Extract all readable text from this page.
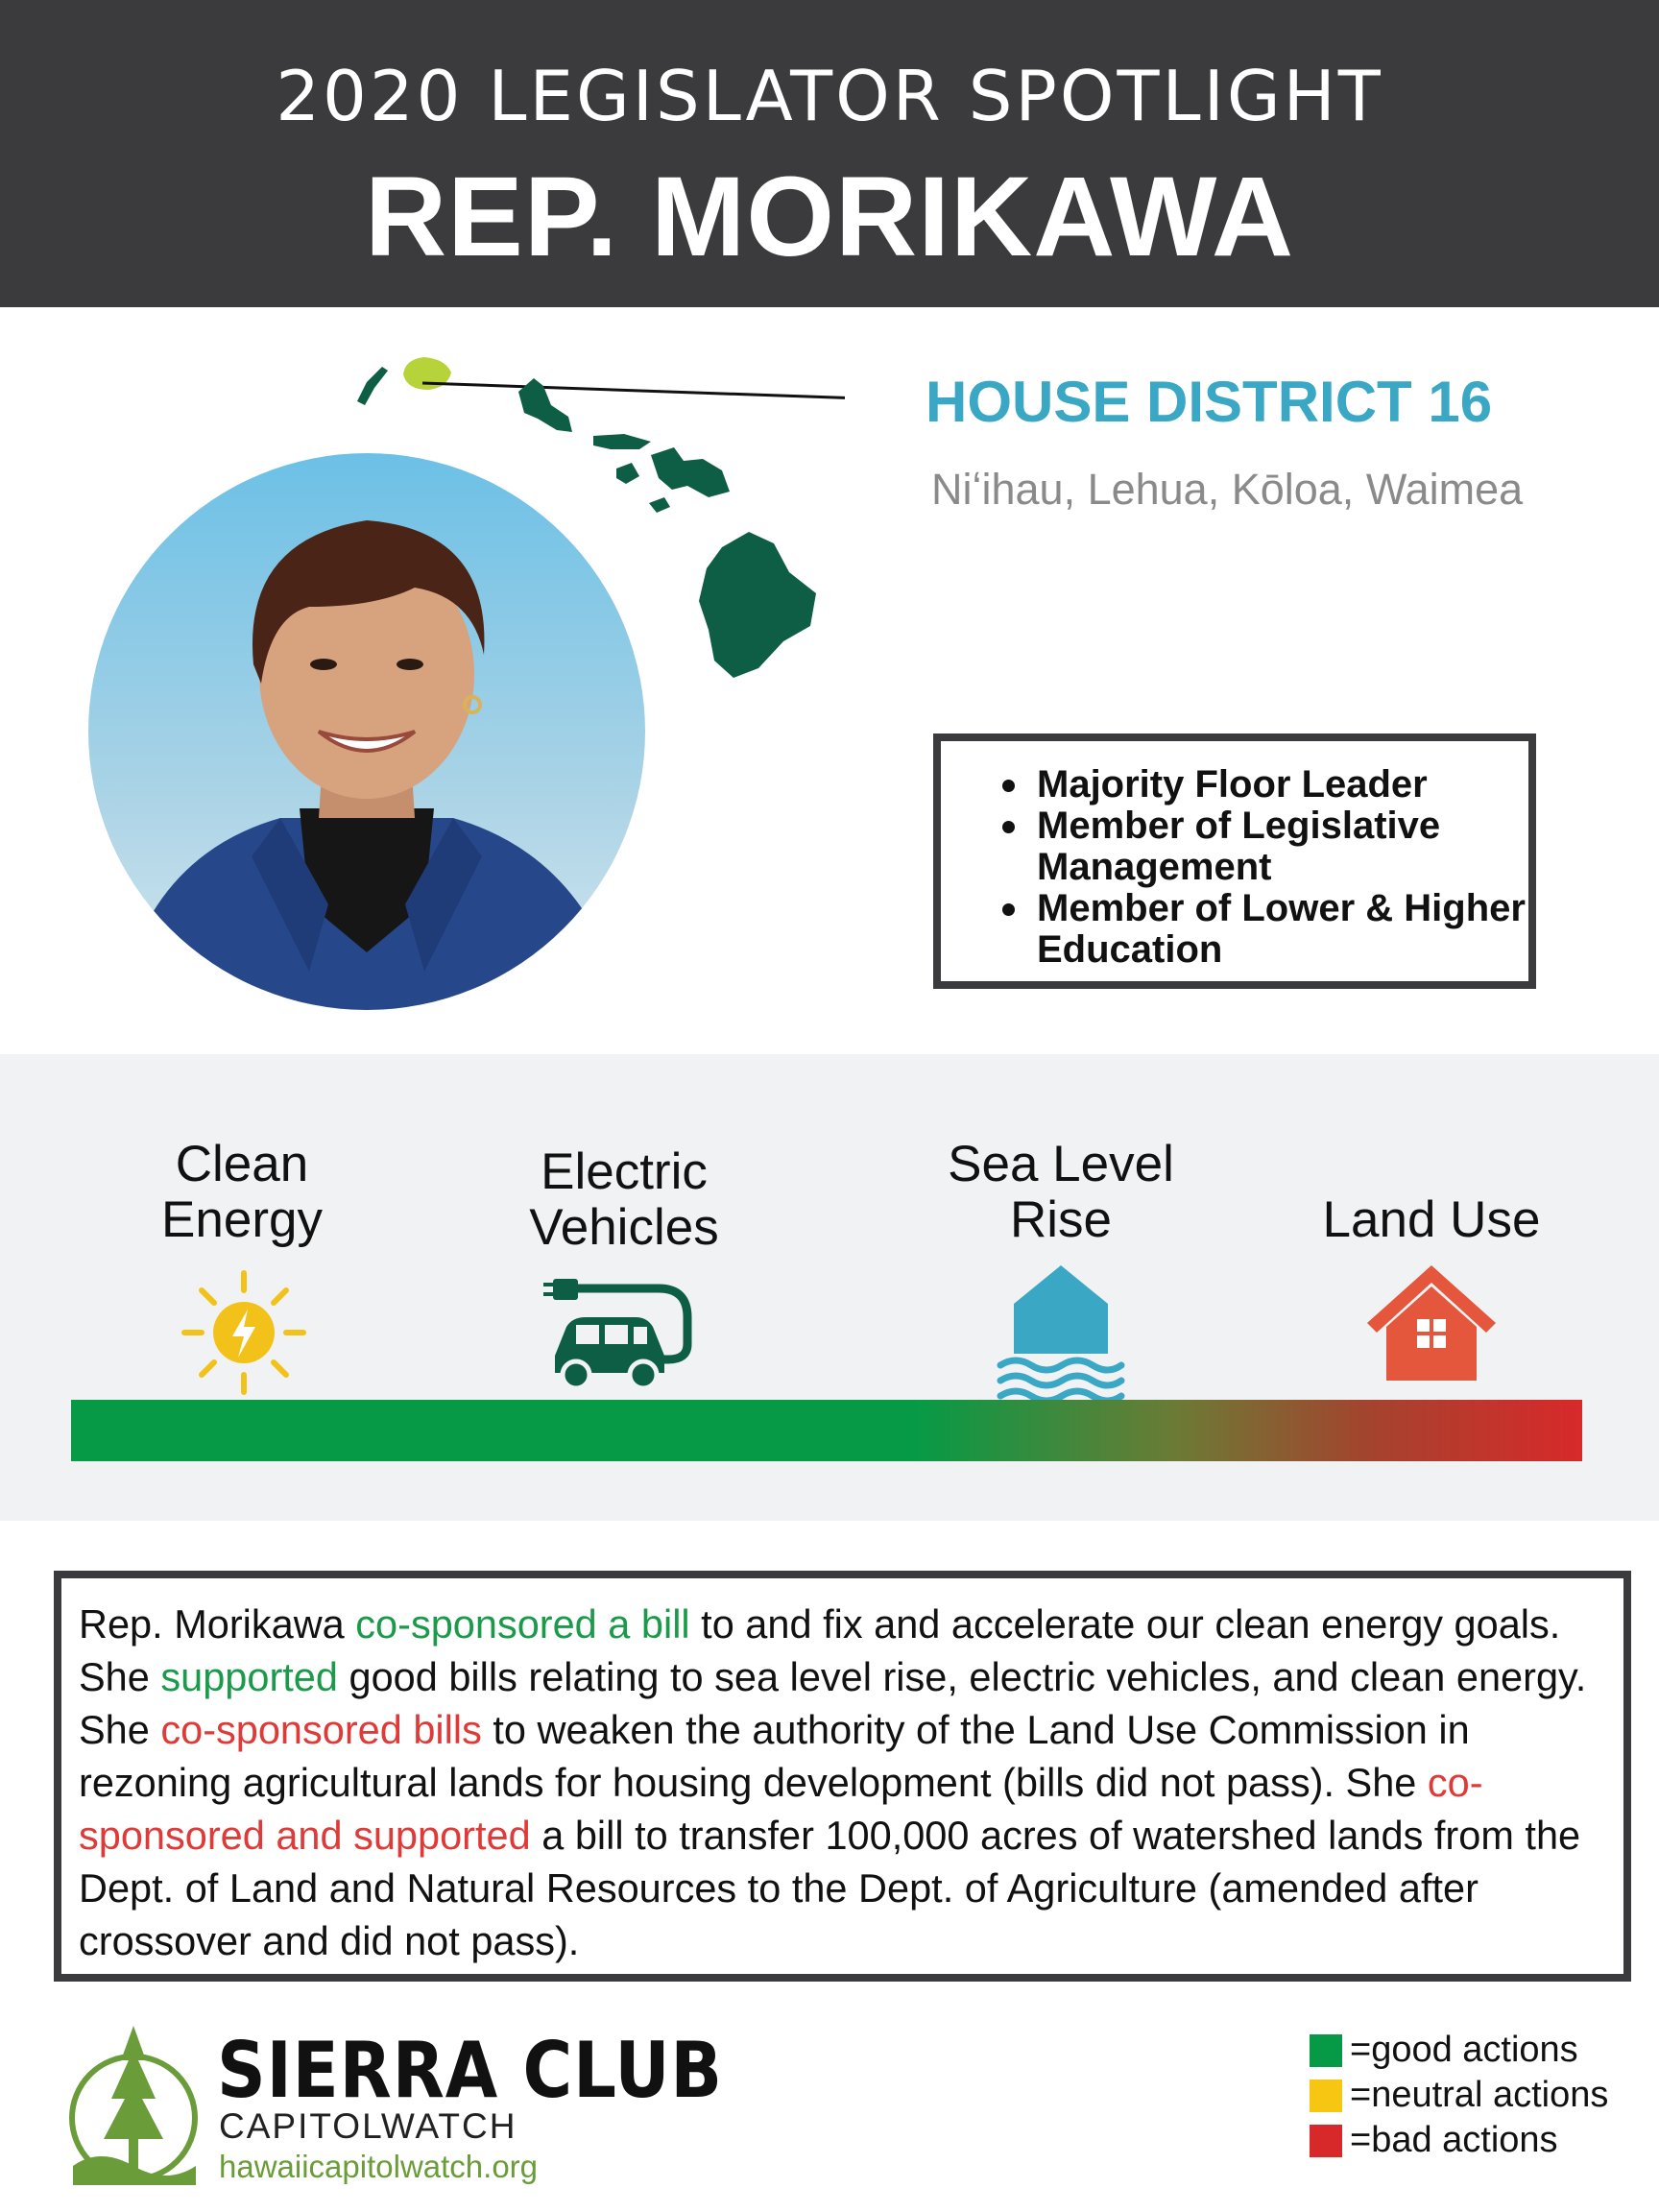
2020 LEGISLATOR SPOTLIGHT
REP. MORIKAWA
HOUSE DISTRICT 16
Niʻihau, Lehua, Kōloa, Waimea
Majority Floor Leader
Member of Legislative Management
Member of Lower & Higher Education
Clean Energy
Electric Vehicles
Sea Level Rise	Land Use

Rep. Morikawa co-sponsored a bill to and fix and accelerate our clean energy goals. She supported good bills relating to sea level rise, electric vehicles, and clean energy. She co-sponsored bills to weaken the authority of the Land Use Commission in rezoning agricultural lands for housing development (bills did not pass). She co-sponsored and supported a bill to transfer 100,000 acres of watershed lands from the Dept. of Land and Natural Resources to the Dept. of Agriculture (amended after crossover and did not pass).

SIERRA CLUB
CAPITOLWATCH
hawaiicapitolwatch.org
=good actions
=neutral actions
=bad actions
